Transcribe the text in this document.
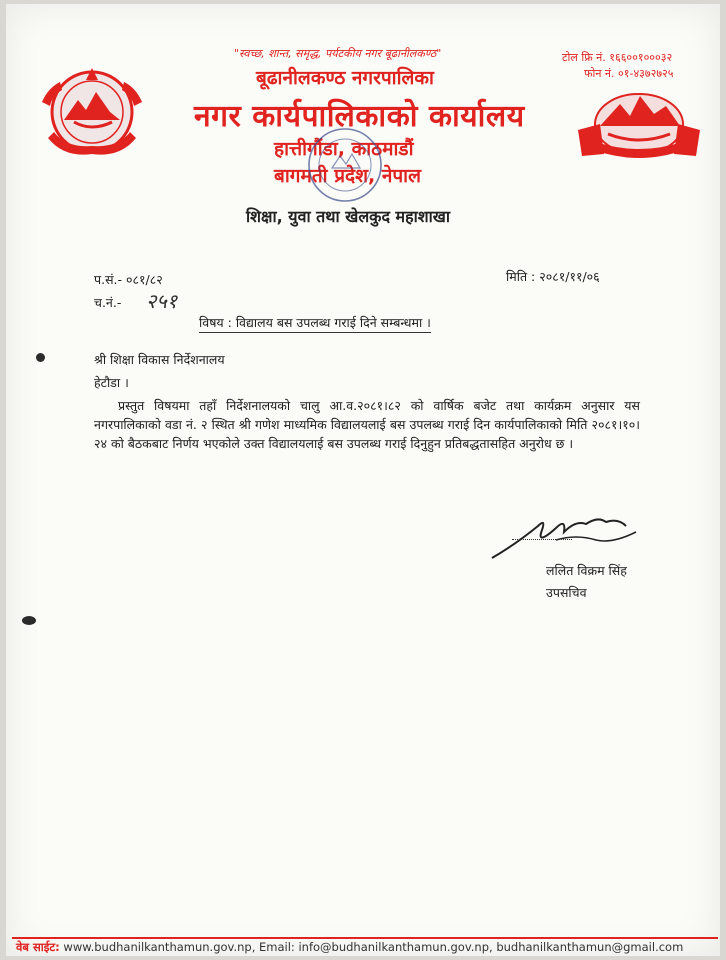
"स्वच्छ, शान्त, समृद्ध, पर्यटकीय नगर बूढानीलकण्ठ"
बूढानीलकण्ठ नगरपालिका
नगर कार्यपालिकाको कार्यालय
हात्तीगौंडा, काठमाडौं
बागमती प्रदेश, नेपाल
टोल फ्रि नं. १६६००१०००३२
फोन नं. ०१-४३७२७२५
शिक्षा, युवा तथा खेलकुद महाशाखा
प.सं.- ०८१/८२
च.नं.- २५१
मिति : २०८१/११/०६
विषय : विद्यालय बस उपलब्ध गराई दिने सम्बन्धमा ।
श्री शिक्षा विकास निर्देशनालय
हेटौडा ।
प्रस्तुत विषयमा तहाँ निर्देशनालयको चालु आ.व.२०८१।८२ को वार्षिक बजेट तथा कार्यक्रम अनुसार यस नगरपालिकाको वडा नं. २ स्थित श्री गणेश माध्यमिक विद्यालयलाई बस उपलब्ध गराई दिन कार्यपालिकाको मिति २०८१।१०।२४ को बैठकबाट निर्णय भएकोले उक्त विद्यालयलाई बस उपलब्ध गराई दिनुहुन प्रतिबद्धतासहित अनुरोध छ ।
ललित विक्रम सिंह
उपसचिव
वेब साईट: www.budhanilkanthamun.gov.np, Email: info@budhanilkanthamun.gov.np, budhanilkanthamun@gmail.com
